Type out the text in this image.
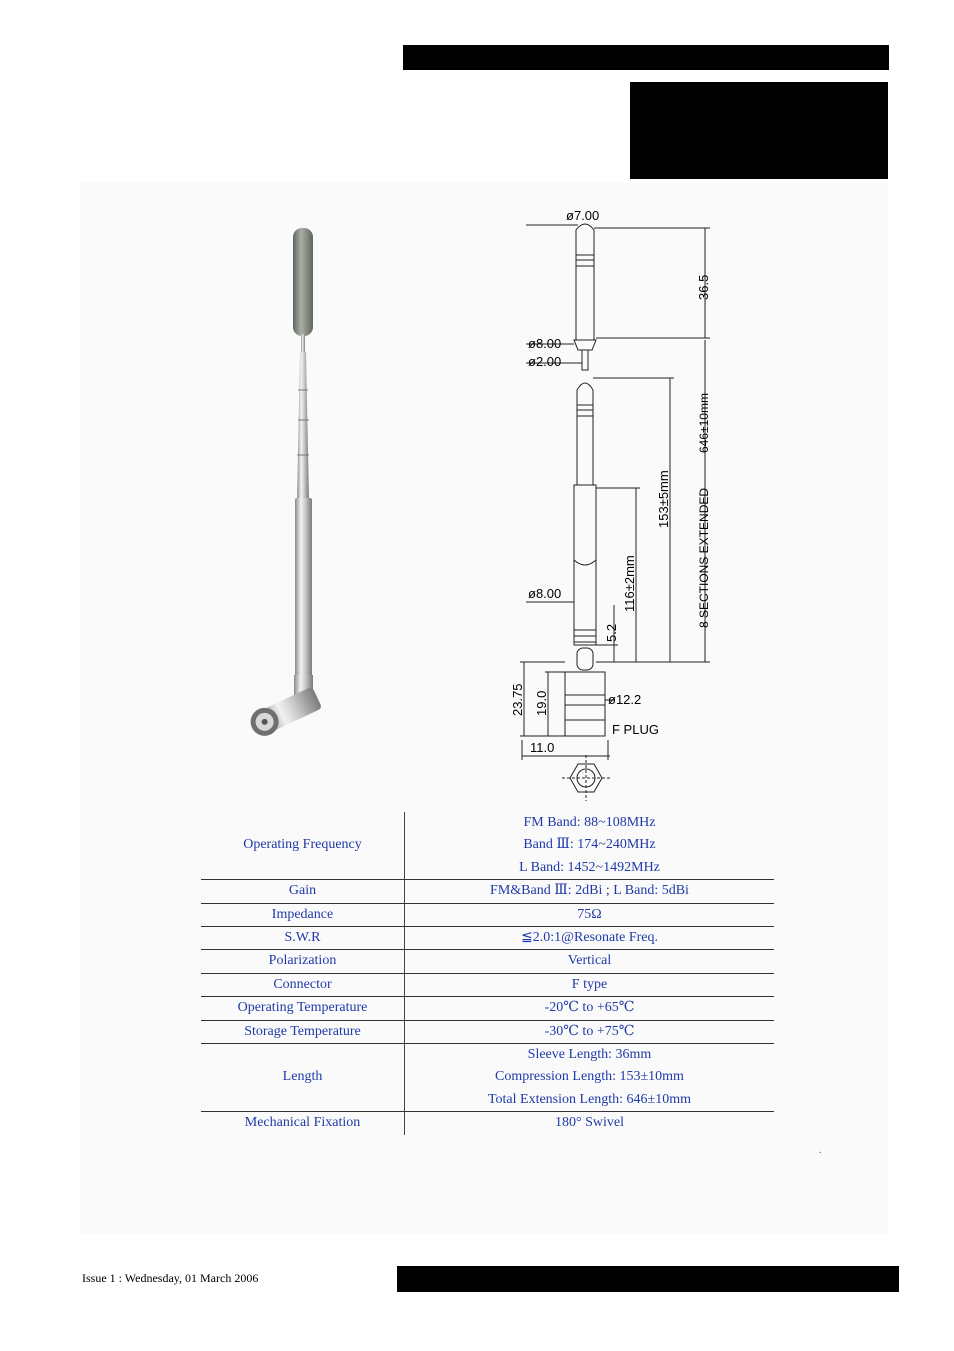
ø7.00
36.5
ø8.00
ø2.00
153±5mm 8 SECTIONS EXTENDED
646±10mm
116±2mm
ø8.00
5.2
23.75 19.0	ø12.2
11.0
F PLUG
Operating Frequency	FM Band: 88~108MHz
Band Ⅲ: 174~240MHz
L Band: 1452~1492MHz

Gain	FM&Band Ⅲ: 2dBi ; L Band: 5dBi

Impedance	75Ω

S.W.R	≦2.0:1@Resonate Freq.

Polarization	Vertical

Connector	F type

Operating Temperature	-20℃ to +65℃

Storage Temperature	-30℃ to +75℃

Length	Sleeve Length: 36mm
Compression Length: 153±10mm
Total Extension Length: 646±10mm

Mechanical Fixation	180° Swivel
.
Issue 1 : Wednesday, 01 March 2006
